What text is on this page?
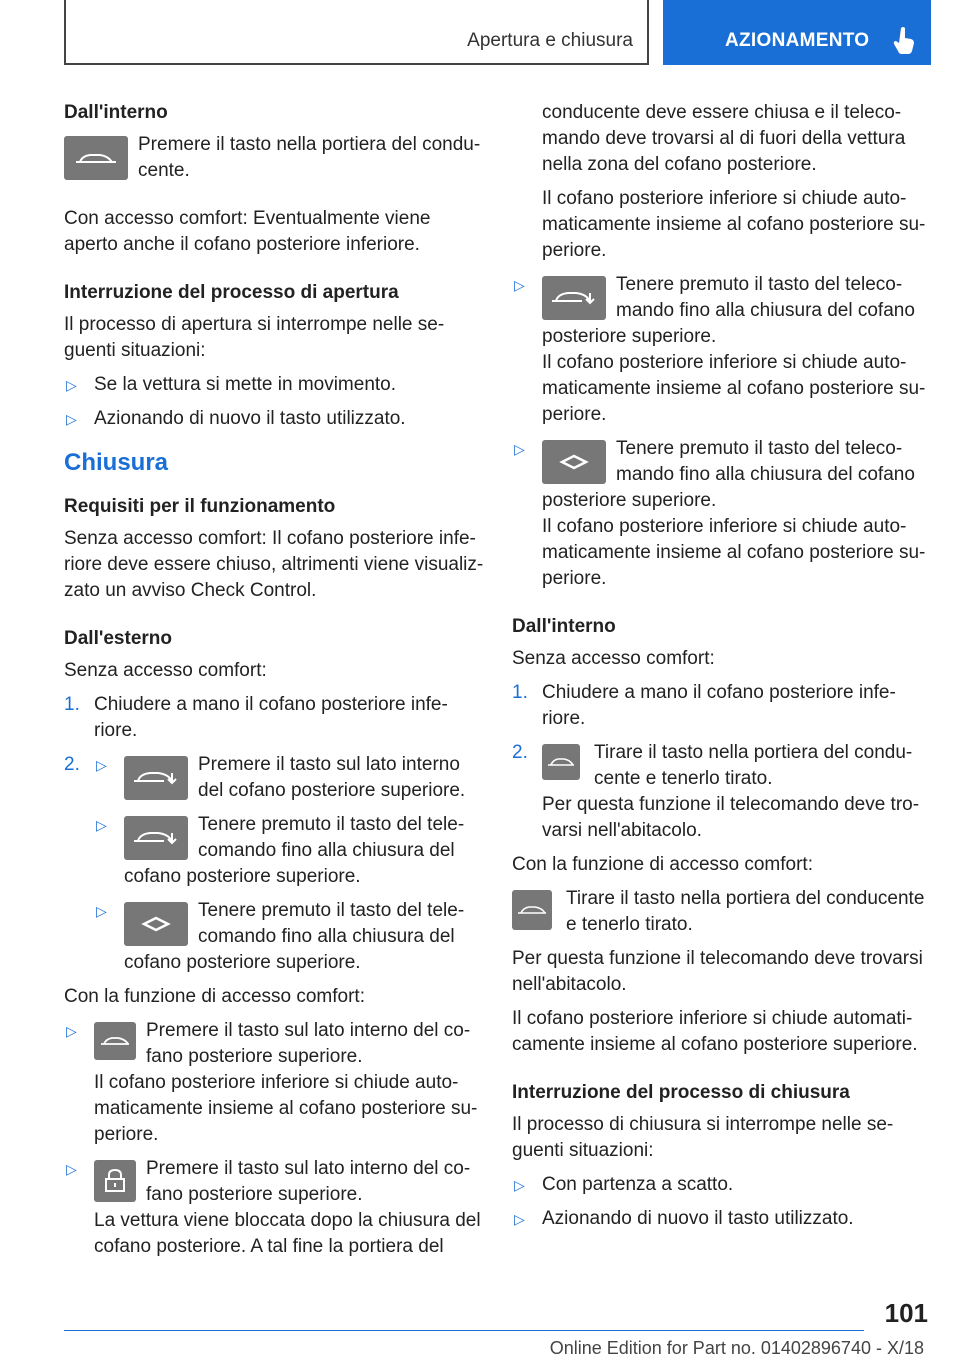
Apertura e chiusura	AZIONAMENTO
Dall'interno

Premere il tasto nella portiera del conducente.

Con accesso comfort: Eventualmente viene aperto anche il cofano posteriore inferiore.

Interruzione del processo di apertura

Il processo di apertura si interrompe nelle seguenti situazioni:

▷ Se la vettura si mette in movimento.
▷ Azionando di nuovo il tasto utilizzato.
Chiusura
Requisiti per il funzionamento

Senza accesso comfort: Il cofano posteriore inferiore deve essere chiuso, altrimenti viene visualizzato un avviso Check Control.

Dall'esterno

Senza accesso comfort:

1. Chiudere a mano il cofano posteriore inferiore.
2. ▷	Premere il tasto sul lato interno del cofano posteriore superiore.
▷	Tenere premuto il tasto del telecomando fino alla chiusura del cofano posteriore superiore.
▷	Tenere premuto il tasto del telecomando fino alla chiusura del cofano posteriore superiore.

Con la funzione di accesso comfort:

▷	Premere il tasto sul lato interno del cofano posteriore superiore.

Il cofano posteriore inferiore si chiude automaticamente insieme al cofano posteriore superiore.

▷	Premere il tasto sul lato interno del cofano posteriore superiore.

La vettura viene bloccata dopo la chiusura del cofano posteriore. A tal fine la portiera del

conducente deve essere chiusa e il telecomando deve trovarsi al di fuori della vettura nella zona del cofano posteriore.

Il cofano posteriore inferiore si chiude automaticamente insieme al cofano posteriore superiore.

▷	Tenere premuto il tasto del telecomando fino alla chiusura del cofano posteriore superiore.

Il cofano posteriore inferiore si chiude automaticamente insieme al cofano posteriore superiore.

▷	Tenere premuto il tasto del telecomando fino alla chiusura del cofano posteriore superiore.

Il cofano posteriore inferiore si chiude automaticamente insieme al cofano posteriore superiore.

Dall'interno

Senza accesso comfort:

1. Chiudere a mano il cofano posteriore inferiore.
2.	Tirare il tasto nella portiera del conducente e tenerlo tirato.

Per questa funzione il telecomando deve trovarsi nell'abitacolo.

Con la funzione di accesso comfort:

Tirare il tasto nella portiera del conducente e tenerlo tirato.

Per questa funzione il telecomando deve trovarsi nell'abitacolo.

Il cofano posteriore inferiore si chiude automaticamente insieme al cofano posteriore superiore.

Interruzione del processo di chiusura

Il processo di chiusura si interrompe nelle seguenti situazioni:

▷ Con partenza a scatto.
▷ Azionando di nuovo il tasto utilizzato.
101
Online Edition for Part no. 01402896740 - X/18
